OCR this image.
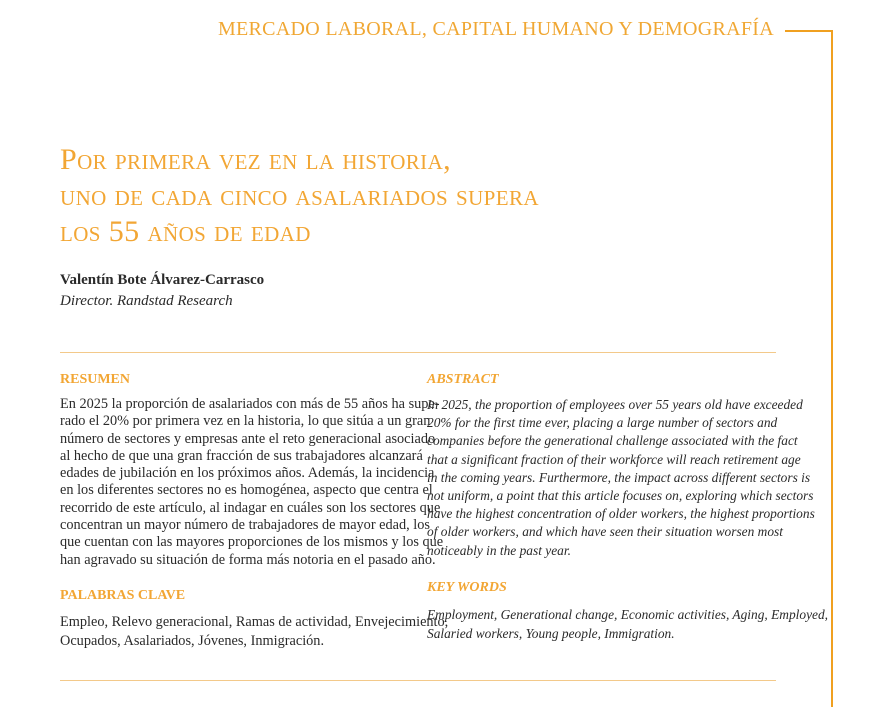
MERCADO LABORAL, CAPITAL HUMANO Y DEMOGRAFÍA
Por primera vez en la historia,
uno de cada cinco asalariados supera
los 55 años de edad
Valentín Bote Álvarez-Carrasco
Director. Randstad Research
RESUMEN
En 2025 la proporción de asalariados con más de 55 años ha supe-
rado el 20% por primera vez en la historia, lo que sitúa a un gran
número de sectores y empresas ante el reto generacional asociado
al hecho de que una gran fracción de sus trabajadores alcanzará
edades de jubilación en los próximos años. Además, la incidencia
en los diferentes sectores no es homogénea, aspecto que centra el
recorrido de este artículo, al indagar en cuáles son los sectores que
concentran un mayor número de trabajadores de mayor edad, los
que cuentan con las mayores proporciones de los mismos y los que
han agravado su situación de forma más notoria en el pasado año.
PALABRAS CLAVE
Empleo, Relevo generacional, Ramas de actividad, Envejecimiento,
Ocupados, Asalariados, Jóvenes, Inmigración.
ABSTRACT
In 2025, the proportion of employees over 55 years old have exceeded
20% for the first time ever, placing a large number of sectors and
companies before the generational challenge associated with the fact
that a significant fraction of their workforce will reach retirement age
in the coming years. Furthermore, the impact across different sectors is
not uniform, a point that this article focuses on, exploring which sectors
have the highest concentration of older workers, the highest proportions
of older workers, and which have seen their situation worsen most
noticeably in the past year.
KEY WORDS
Employment, Generational change, Economic activities, Aging, Employed,
Salaried workers, Young people, Immigration.
